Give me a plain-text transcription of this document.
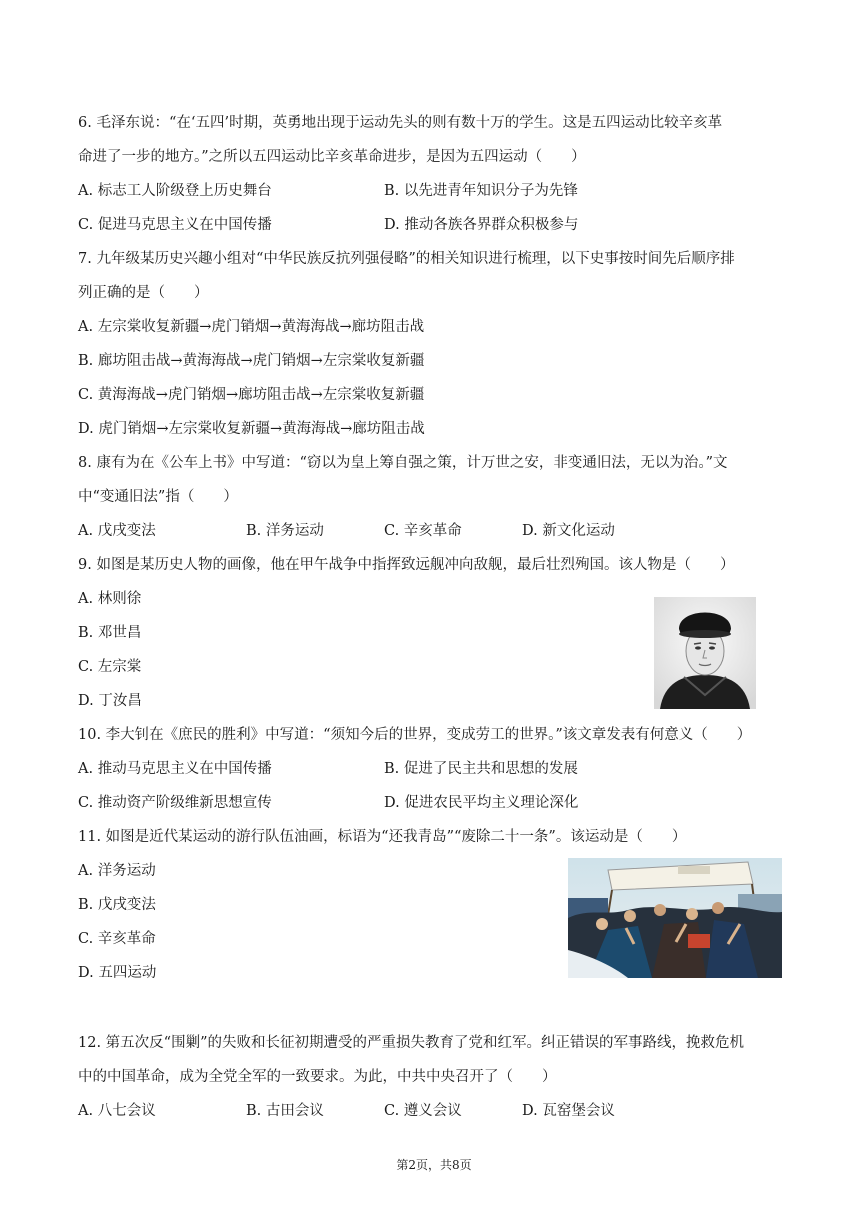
6. 毛泽东说：“在‘五四’时期，英勇地出现于运动先头的则有数十万的学生。这是五四运动比较辛亥革
命进了一步的地方。”之所以五四运动比辛亥革命进步，是因为五四运动（　　）
A. 标志工人阶级登上历史舞台	B. 以先进青年知识分子为先锋
C. 促进马克思主义在中国传播	D. 推动各族各界群众积极参与
7. 九年级某历史兴趣小组对“中华民族反抗列强侵略”的相关知识进行梳理，以下史事按时间先后顺序排
列正确的是（　　）
A. 左宗棠收复新疆→虎门销烟→黄海海战→廊坊阻击战
B. 廊坊阻击战→黄海海战→虎门销烟→左宗棠收复新疆
C. 黄海海战→虎门销烟→廊坊阻击战→左宗棠收复新疆
D. 虎门销烟→左宗棠收复新疆→黄海海战→廊坊阻击战
8. 康有为在《公车上书》中写道：“窃以为皇上筹自强之策，计万世之安，非变通旧法，无以为治。”文
中“变通旧法”指（　　）
A. 戊戌变法	B. 洋务运动	C. 辛亥革命	D. 新文化运动
9. 如图是某历史人物的画像，他在甲午战争中指挥致远舰冲向敌舰，最后壮烈殉国。该人物是（　　）
A. 林则徐
B. 邓世昌
C. 左宗棠
D. 丁汝昌
10. 李大钊在《庶民的胜利》中写道：“须知今后的世界，变成劳工的世界。”该文章发表有何意义（　　）
A. 推动马克思主义在中国传播	B. 促进了民主共和思想的发展
C. 推动资产阶级维新思想宣传	D. 促进农民平均主义理论深化
11. 如图是近代某运动的游行队伍油画，标语为“还我青岛”“废除二十一条”。该运动是（　　）
A. 洋务运动
B. 戊戌变法
C. 辛亥革命
D. 五四运动
12. 第五次反“围剿”的失败和长征初期遭受的严重损失教育了党和红军。纠正错误的军事路线，挽救危机
中的中国革命，成为全党全军的一致要求。为此，中共中央召开了（　　）
A. 八七会议	B. 古田会议	C. 遵义会议	D. 瓦窑堡会议
第2页，共8页
